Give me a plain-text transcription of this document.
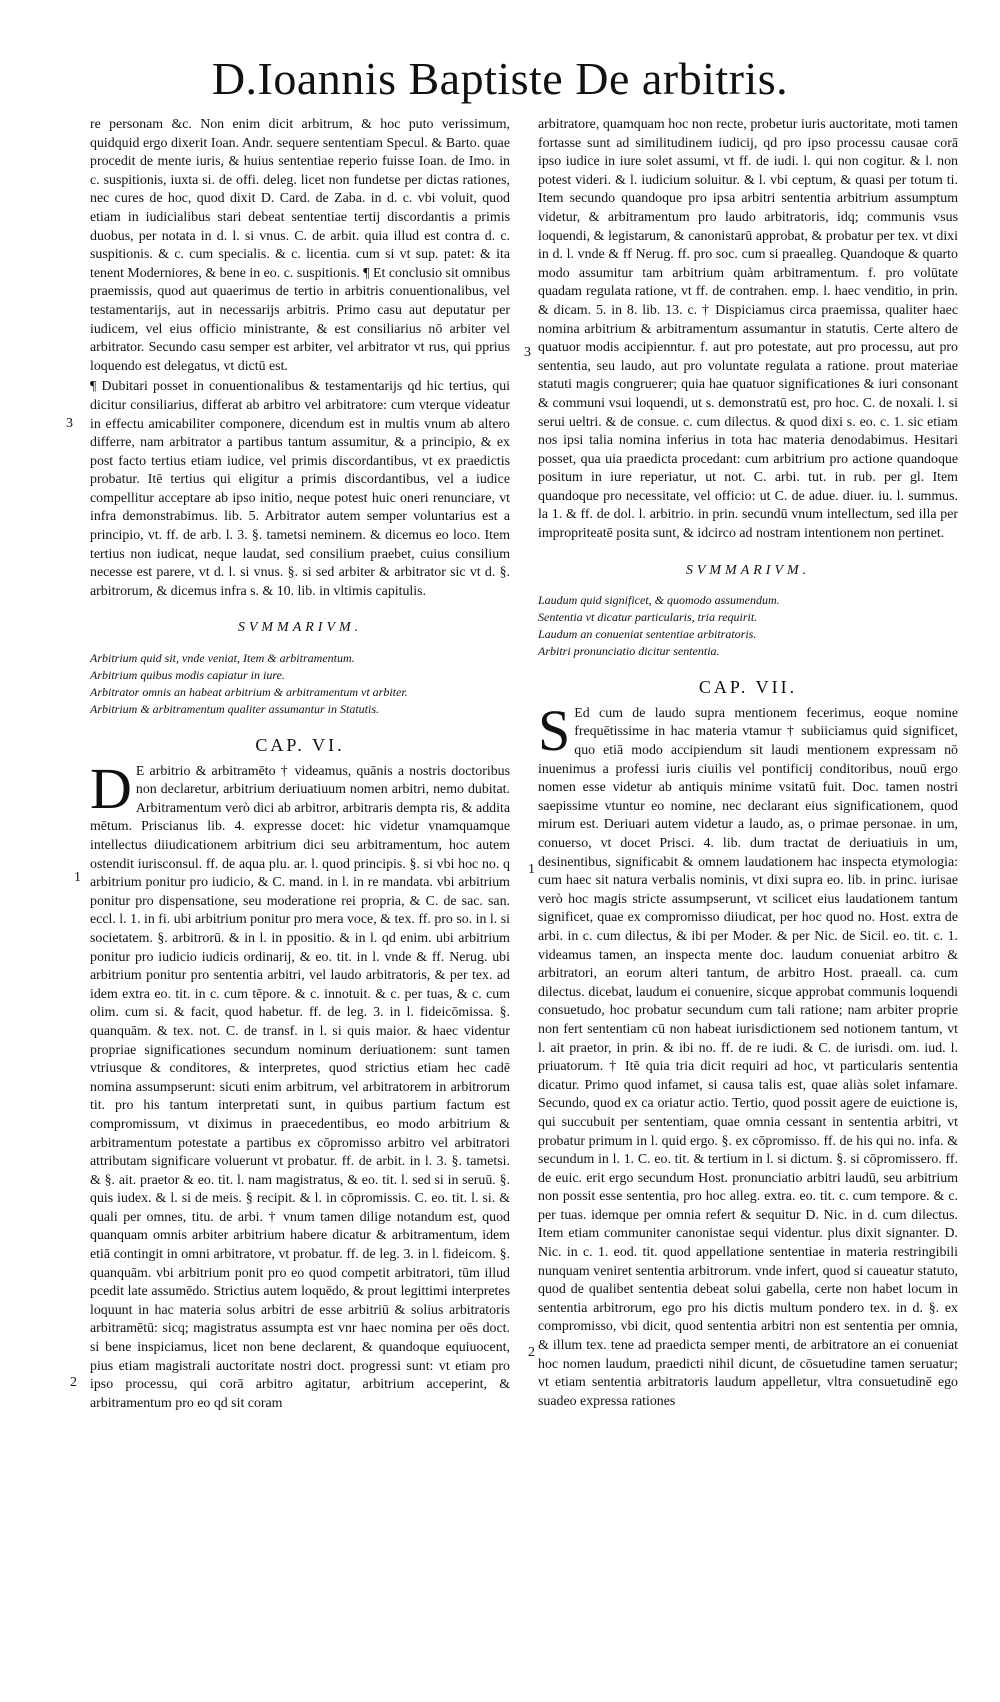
D.Ioannis Baptiste De arbitris.

re personam &c. Non enim dicit arbitrum, & hoc puto verissimum, quidquid ergo dixerit Ioan. Andr. sequere sententiam Specul. & Barto. quae procedit de mente iuris, & huius sententiae reperio fuisse Ioan. de Imo. in c. suspitionis, iuxta si. de offi. deleg. licet non fundetse per dictas rationes, nec cures de hoc, quod dixit D. Card. de Zaba. in d. c. vbi voluit, quod etiam in iudicialibus stari debeat sententiae tertij discordantis a primis duobus, per notata in d. l. si vnus. C. de arbit. quia illud est contra d. c. suspitionis. & c. cum specialis. & c. licentia. cum si vt sup. patet: & ita tenent Moderniores, & bene in eo. c. suspitionis. ¶ Et conclusio sit omnibus praemissis, quod aut quaerimus de tertio in arbitris conuentionalibus, vel testamentarijs, aut in necessarijs arbitris. Primo casu aut deputatur per iudicem, vel eius officio ministrante, & est consiliarius nō arbiter vel arbitrator. Secundo casu semper est arbiter, vel arbitrator vt rus, qui pprius loquendo est delegatus, vt dictū est.

¶ Dubitari posset in conuentionalibus & testamentarijs qd hic tertius, qui dicitur consiliarius, differat ab arbitro vel arbitratore: cum vterque videatur in effectu amicabiliter componere, dicendum est in multis vnum ab altero differre, nam arbitrator a partibus tantum assumitur, & a principio, & ex post facto tertius etiam iudice, vel primis discordantibus, vt ex praedictis probatur. Itē tertius qui eligitur a primis discordantibus, vel a iudice compellitur acceptare ab ipso initio, neque potest huic oneri renunciare, vt infra demonstrabimus. lib. 5. Arbitrator autem semper voluntarius est a principio, vt. ff. de arb. l. 3. §. tametsi neminem. & dicemus eo loco. Item tertius non iudicat, neque laudat, sed consilium praebet, cuius consilium necesse est parere, vt d. l. si vnus. §. si sed arbiter & arbitrator sic vt d. §. arbitrorum, & dicemus infra s. & 10. lib. in vltimis capitulis.

SVMMARIVM.
Arbitrium quid sit, vnde veniat, Item & arbitramentum.
Arbitrium quibus modis capiatur in iure.
Arbitrator omnis an habeat arbitrium & arbitramentum vt arbiter.
Arbitrium & arbitramentum qualiter assumantur in Statutis.
CAP. VI.

DE arbitrio & arbitramēto † videamus, quānis a nostris doctoribus non declaretur, arbitrium deriuatiuum nomen arbitri, nemo dubitat. Arbitramentum verò dici ab arbitror, arbitraris dempta ris, & addita mētum. Priscianus lib. 4. expresse docet: hic videtur vnamquamque intellectus diiudicationem arbitrium dici seu arbitramentum, hoc autem ostendit iurisconsul. ff. de aqua plu. ar. l. quod principis. §. si vbi hoc no. q arbitrium ponitur pro iudicio, & C. mand. in l. in re mandata. vbi arbitrium ponitur pro dispensatione, seu moderatione rei propria, & C. de sac. san. eccl. l. 1. in fi. ubi arbitrium ponitur pro mera voce, & tex. ff. pro so. in l. si societatem. §. arbitrorū. & in l. in ppositio. & in l. qd enim. ubi arbitrium ponitur pro iudicio iudicis ordinarij, & eo. tit. in l. vnde & ff. Nerug. ubi arbitrium ponitur pro sententia arbitri, vel laudo arbitratoris, & per tex. ad idem extra eo. tit. in c. cum tēpore. & c. innotuit. & c. per tuas, & c. cum olim. cum si. & facit, quod habetur. ff. de leg. 3. in l. fideicōmissa. §. quanquām. & tex. not. C. de transf. in l. si quis maior. & haec videntur propriae significationes secundum nominum deriuationem: sunt tamen vtriusque & conditores, & interpretes, quod strictius etiam hec cadē nomina assumpserunt: sicuti enim arbitrum, vel arbitratorem in arbitrorum tit. pro his tantum interpretati sunt, in quibus partium factum est compromissum, vt diximus in praecedentibus, eo modo arbitrium & arbitramentum potestate a partibus ex cōpromisso arbitro vel arbitratori attributam significare voluerunt vt probatur. ff. de arbit. in l. 3. §. tametsi. & §. ait. praetor & eo. tit. l. nam magistratus, & eo. tit. l. sed si in seruū. §. quis iudex. & l. si de meis. § recipit. & l. in cōpromissis. C. eo. tit. l. si. & quali per omnes, titu. de arbi. † vnum tamen dilige notandum est, quod quanquam omnis arbiter arbitrium habere dicatur & arbitramentum, idem etiā contingit in omni arbitratore, vt probatur. ff. de leg. 3. in l. fideicom. §. quanquām. vbi arbitrium ponit pro eo quod competit arbitratori, tūm illud pcedit late assumēdo. Strictius autem loquēdo, & prout legittimi interpretes loquunt in hac materia solus arbitri de esse arbitriū & solius arbitratoris arbitramētū: sicq; magistratus assumpta est vnr haec nomina per oēs doct. si bene inspiciamus, licet non bene declarent, & quandoque equiuocent, pius etiam magistrali auctoritate nostri doct. progressi sunt: vt etiam pro ipso processu, qui corā arbitro agitatur, arbitrium acceperint, & arbitramentum pro eo qd sit coram

arbitratore, quamquam hoc non recte, probetur iuris auctoritate, moti tamen fortasse sunt ad similitudinem iudicij, qd pro ipso processu causae corā ipso iudice in iure solet assumi, vt ff. de iudi. l. qui non cogitur. & l. non potest videri. & l. iudicium soluitur. & l. vbi ceptum, & quasi per totum ti. Item secundo quandoque pro ipsa arbitri sententia arbitrium assumptum videtur, & arbitramentum pro laudo arbitratoris, idq; communis vsus loquendi, & legistarum, & canonistarū approbat, & probatur per tex. vt dixi in d. l. vnde & ff Nerug. ff. pro soc. cum si praealleg. Quandoque & quarto modo assumitur tam arbitrium quàm arbitramentum. f. pro volūtate quadam regulata ratione, vt ff. de contrahen. emp. l. haec venditio, in prin. & dicam. 5. in 8. lib. 13. c. † Dispiciamus circa praemissa, qualiter haec nomina arbitrium & arbitramentum assumantur in statutis. Certe altero de quatuor modis accipienntur. f. aut pro potestate, aut pro processu, aut pro sententia, seu laudo, aut pro voluntate regulata a ratione. prout materiae statuti magis congruerer; quia hae quatuor significationes & iuri consonant & communi vsui loquendi, ut s. demonstratū est, pro hoc. C. de noxali. l. si serui ueltri. & de consue. c. cum dilectus. & quod dixi s. eo. c. 1. sic etiam nos ipsi talia nomina inferius in tota hac materia denodabimus. Hesitari posset, qua uia praedicta procedant: cum arbitrium pro actione quandoque positum in iure reperiatur, ut not. C. arbi. tut. in rub. per gl. Item quandoque pro necessitate, vel officio: ut C. de adue. diuer. iu. l. summus. la 1. & ff. de dol. l. arbitrio. in prin. secundū vnum intellectum, sed illa per impropriteatē posita sunt, & idcirco ad nostram intentionem non pertinet.

SVMMARIVM.
Laudum quid significet, & quomodo assumendum.
Sententia vt dicatur particularis, tria requirit.
Laudum an conueniat sententiae arbitratoris.
Arbitri pronunciatio dicitur sententia.
CAP. VII.

SEd cum de laudo supra mentionem fecerimus, eoque nomine frequētissime in hac materia vtamur † subiiciamus quid significet, quo etiā modo accipiendum sit laudi mentionem expressam nō inuenimus a professi iuris ciuilis vel pontificij conditoribus, nouū ergo nomen esse videtur ab antiquis minime vsitatū fuit. Doc. tamen nostri saepissime vtuntur eo nomine, nec declarant eius significationem, quod mirum est. Deriuari autem videtur a laudo, as, o primae personae. in um, conuerso, vt docet Prisci. 4. lib. dum tractat de deriuatiuis in um, desinentibus, significabit & omnem laudationem hac inspecta etymologia: cum haec sit natura verbalis nominis, vt dixi supra eo. lib. in princ. iurisae verò hoc magis stricte assumpserunt, vt scilicet eius laudationem tantum significet, quae ex compromisso diiudicat, per hoc quod no. Host. extra de arbi. in c. cum dilectus, & ibi per Moder. & per Nic. de Sicil. eo. tit. c. 1. videamus tamen, an inspecta mente doc. laudum conueniat arbitro & arbitratori, an eorum alteri tantum, de arbitro Host. praeall. ca. cum dilectus. dicebat, laudum ei conuenire, sicque approbat communis loquendi consuetudo, hoc probatur secundum cum tali ratione; nam arbiter proprie non fert sententiam cū non habeat iurisdictionem sed notionem tantum, vt l. ait praetor, in prin. & ibi no. ff. de re iudi. & C. de iurisdi. om. iud. l. priuatorum. † Itē quia tria dicit requiri ad hoc, vt particularis sententia dicatur. Primo quod infamet, si causa talis est, quae aliàs solet infamare. Secundo, quod ex ca oriatur actio. Tertio, quod possit agere de euictione is, qui succubuit per sententiam, quae omnia cessant in sententia arbitri, vt probatur primum in l. quid ergo. §. ex cōpromisso. ff. de his qui no. infa. & secundum in l. 1. C. eo. tit. & tertium in l. si dictum. §. si cōpromissero. ff. de euic. erit ergo secundum Host. pronunciatio arbitri laudū, seu arbitrium non possit esse sententia, pro hoc alleg. extra. eo. tit. c. cum tempore. & c. per tuas. idemque per omnia refert & sequitur D. Nic. in d. cum dilectus. Item etiam communiter canonistae sequi videntur. plus dixit signanter. D. Nic. in c. 1. eod. tit. quod appellatione sententiae in materia restringibili nunquam veniret sententia arbitrorum. vnde infert, quod si caueatur statuto, quod de qualibet sententia debeat solui gabella, certe non habet locum in sententia arbitrorum, ego pro his dictis multum pondero tex. in d. §. ex compromisso, vbi dicit, quod sententia arbitri non est sententia per omnia, & illum tex. tene ad praedicta semper menti, de arbitratore an ei conueniat hoc nomen laudum, praedicti nihil dicunt, de cōsuetudine tamen seruatur; vt etiam sententia arbitratoris laudum appelletur, vltra consuetudinē ego suadeo expressa rationes

3
1
2
3
1
2
